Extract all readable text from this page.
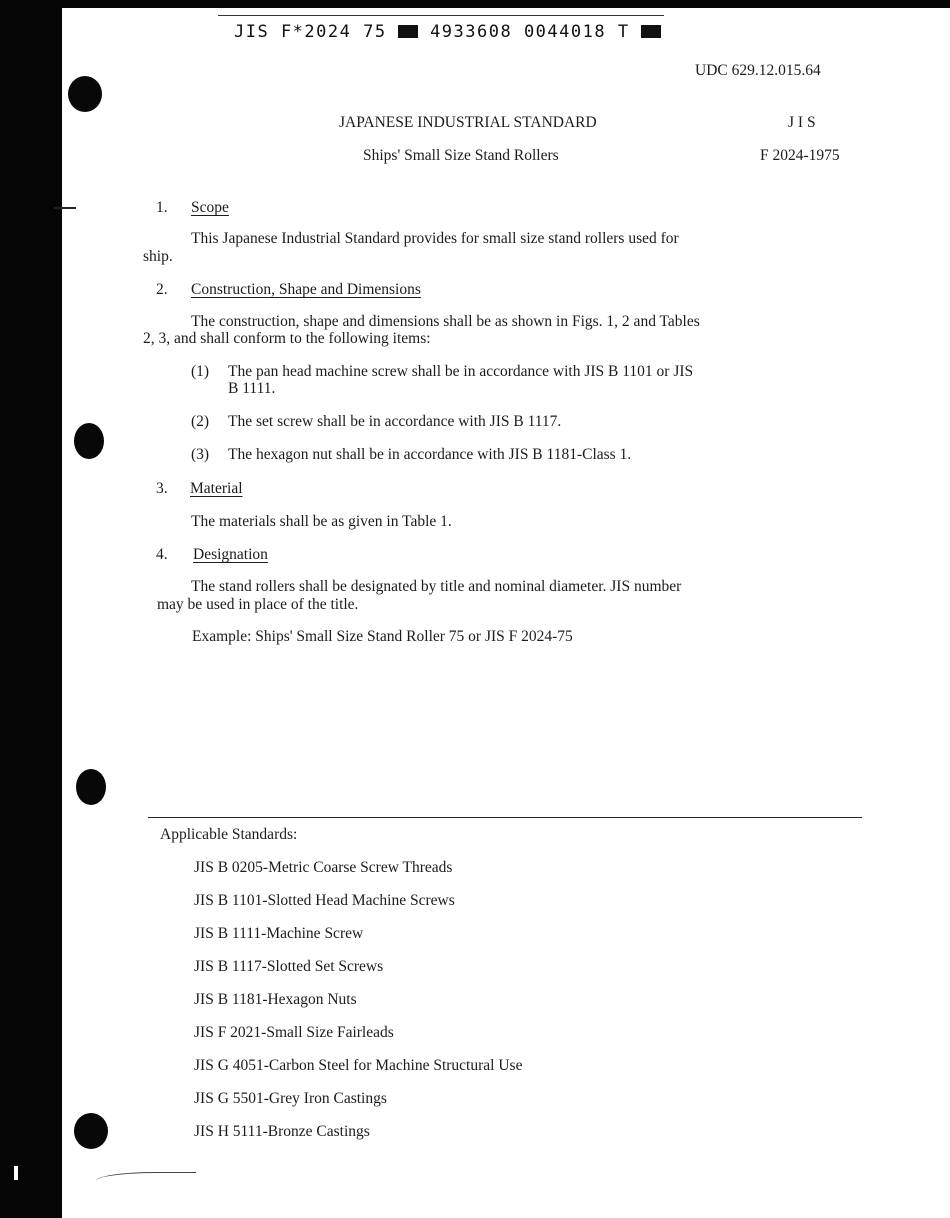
JIS F*2024 75	4933608 0044018 T
UDC 629.12.015.64
JAPANESE INDUSTRIAL STANDARD	J I S
Ships' Small Size Stand Rollers	F 2024-1975
1. Scope
This Japanese Industrial Standard provides for small size stand rollers used for
ship.
2. Construction, Shape and Dimensions
The construction, shape and dimensions shall be as shown in Figs. 1, 2 and Tables
2, 3, and shall conform to the following items:
(1) The pan head machine screw shall be in accordance with JIS B 1101 or JIS
B 1111.
(2) The set screw shall be in accordance with JIS B 1117.
(3) The hexagon nut shall be in accordance with JIS B 1181-Class 1.
3. Material
The materials shall be as given in Table 1.
4. Designation
The stand rollers shall be designated by title and nominal diameter. JIS number
may be used in place of the title.
Example: Ships' Small Size Stand Roller 75 or JIS F 2024-75
Applicable Standards:
JIS B 0205-Metric Coarse Screw Threads
JIS B 1101-Slotted Head Machine Screws
JIS B 1111-Machine Screw
JIS B 1117-Slotted Set Screws
JIS B 1181-Hexagon Nuts
JIS F 2021-Small Size Fairleads
JIS G 4051-Carbon Steel for Machine Structural Use
JIS G 5501-Grey Iron Castings
JIS H 5111-Bronze Castings
